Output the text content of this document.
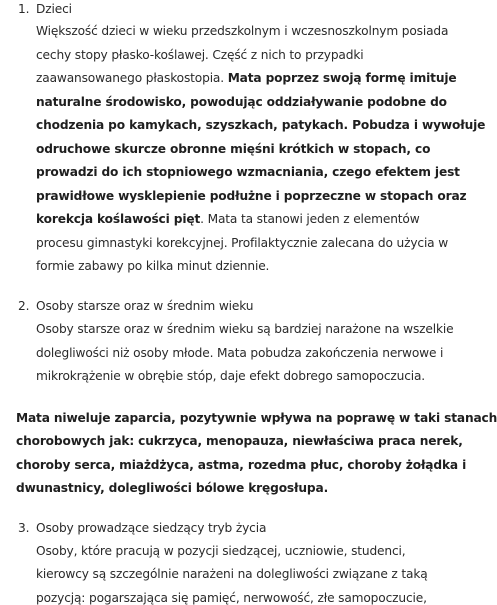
1. Dzieci
Większość dzieci w wieku przedszkolnym i wczesnoszkolnym posiada
cechy stopy płasko-koślawej. Część z nich to przypadki
zaawansowanego płaskostopia. Mata poprzez swoją formę imituje
naturalne środowisko, powodując oddziaływanie podobne do
chodzenia po kamykach, szyszkach, patykach. Pobudza i wywołuje
odruchowe skurcze obronne mięśni krótkich w stopach, co
prowadzi do ich stopniowego wzmacniania, czego efektem jest
prawidłowe wysklepienie podłużne i poprzeczne w stopach oraz
korekcja koślawości pięt. Mata ta stanowi jeden z elementów
procesu gimnastyki korekcyjnej. Profilaktycznie zalecana do użycia w
formie zabawy po kilka minut dziennie.
2. Osoby starsze oraz w średnim wieku
Osoby starsze oraz w średnim wieku są bardziej narażone na wszelkie
dolegliwości niż osoby młode. Mata pobudza zakończenia nerwowe i
mikrokrążenie w obrębie stóp, daje efekt dobrego samopoczucia.
Mata niweluje zaparcia, pozytywnie wpływa na poprawę w taki stanach
chorobowych jak: cukrzyca, menopauza, niewłaściwa praca nerek,
choroby serca, miażdżyca, astma, rozedma płuc, choroby żołądka i
dwunastnicy, dolegliwości bólowe kręgosłupa.
3. Osoby prowadzące siedzący tryb życia
Osoby, które pracują w pozycji siedzącej, uczniowie, studenci,
kierowcy są szczególnie narażeni na dolegliwości związane z taką
pozycją: pogarszająca się pamięć, nerwowość, złe samopoczucie,
